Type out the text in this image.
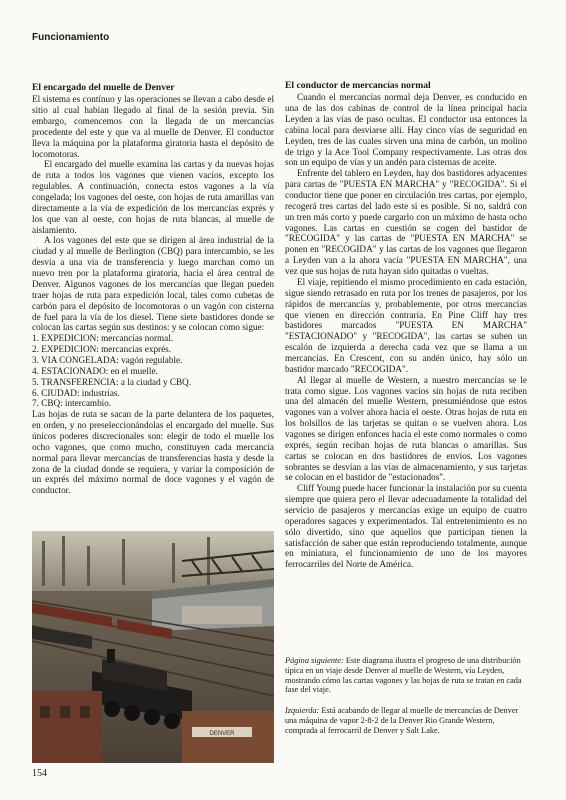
Funcionamiento
El encargado del muelle de Denver

El sistema es contínuo y las operaciones se llevan a cabo desde el sitio al cual habían llegado al final de la sesión previa. Sin embargo, comencemos con la llegada de un mercancías procedente del este y que va al muelle de Denver. El conductor lleva la máquina por la plataforma giratoria hasta el depósito de locomotoras.

El encargado del muelle examina las cartas y da nuevas hojas de ruta a todos los vagones que vienen vacíos, excepto los regulables. A continuación, conecta estos vagones a la vía congelada; los vagones del oeste, con hojas de ruta amarillas van directamente a la vía de expedición de los mercancías exprés y los que van al oeste, con hojas de ruta blancas, al muelle de aislamiento.

A los vagones del este que se dirigen al área industrial de la ciudad y al muelle de Berlington (CBQ) para intercambio, se les desvía a una vía de transferencia y luego marchan como un nuevo tren por la plataforma giratoria, hacia el área central de Denver. Algunos vagones de los mercancías que llegan pueden traer hojas de ruta para expedición local, tales como cubetas de carbón para el depósito de locomotoras o un vagón con cisterna de fuel para la vía de los diesel. Tiene siete bastidores donde se colocan las cartas según sus destinos: y se colocan como sigue:

1. EXPEDICION: mercancías normal.
2. EXPEDICION: mercancías exprés.
3. VIA CONGELADA: vagón regulable.
4. ESTACIONADO: en el muelle.
5. TRANSFERENCIA: a la ciudad y CBQ.
6. CIUDAD: industrias.
7. CBQ: intercambio.

Las hojas de ruta se sacan de la parte delantera de los paquetes, en orden, y no preseleccionándolas el encargado del muelle. Sus únicos poderes discrecionales son: elegir de todo el muelle los ocho vagones, que como mucho, constituyen cada mercancía normal para llevar mercancías de transferencias hasta y desde la zona de la ciudad donde se requiera, y variar la composición de un exprés del máximo normal de doce vagones y el vagón de conductor.

DENVER
El conductor de mercancías normal

Cuando el mercancías normal deja Denver, es conducido en una de las dos cabinas de control de la línea principal hacia Leyden a las vías de paso ocultas. El conductor usa entonces la cabina local para desviarse allí. Hay cinco vías de seguridad en Leyden, tres de las cuales sirven una mina de carbón, un molino de trigo y la Ace Tool Company respectivamente. Las otras dos son un equipo de vías y un andén para cisternas de aceite.

Enfrente del tablero en Leyden, hay dos bastidores adyacentes para cartas de "PUESTA EN MARCHA" y "RECOGIDA". Si el conductor tiene que poner en circulación tres cartas, por ejemplo, recogerá tres cartas del lado este si es posible. Si no, saldrá con un tren más corto y puede cargarlo con un máximo de hasta ocho vagones. Las cartas en cuestión se cogen del bastidor de "RECOGIDA" y las cartas de "PUESTA EN MARCHA" se ponen en "RECOGIDA" y las cartas de los vagones que llegaron a Leyden van a la ahora vacía "PUESTA EN MARCHA", una vez que sus hojas de ruta hayan sido quitadas o vueltas.

El viaje, repitiendo el mismo procedimiento en cada estación, sigue siendo retrasado en ruta por los trenes de pasajeros, por los rápidos de mercancías y, probablemente, por otros mercancías que vienen en dirección contraria. En Pine Cliff hay tres bastidores marcados "PUESTA EN MARCHA" "ESTACIONADO" y "RECOGIDA", las cartas se suben un escalón de izquierda a derecha cada vez que se llama a un mercancías. En Crescent, con su andén único, hay sólo un bastidor marcado "RECOGIDA".

Al llegar al muelle de Western, a nuestro mercancías se le trata como sigue. Los vagones vacíos sin hojas de ruta reciben una del almacén del muelle Western, presumiéndose que estos vagones van a volver ahora hacia el oeste. Otras hojas de ruta en los bolsillos de las tarjetas se quitan o se vuelven ahora. Los vagones se dirigen enfonces hacia el este como normales o como exprés, según reciban hojas de ruta blancas o amarillas. Sus cartas se colocan en dos bastidores de envíos. Los vagones sobrantes se desvían a las vías de almacenamiento, y sus tarjetas se colocan en el bastidor de "estacionados".

Cliff Young puede hacer funcionar la instalación por su cuenta siempre que quiera pero el llevar adecuadamente la totalidad del servicio de pasajeros y mercancías exige un equipo de cuatro operadores sagaces y experimentados. Tal entretenimiento es no sólo divertido, sino que aquellos que participan tienen la satisfacción de saber que están reproduciendo totalmente, aunque en miniatura, el funcionamiento de uno de los mayores ferrocarriles del Norte de América.

Página siguiente: Este diagrama ilustra el progreso de una distribución típica en un viaje desde Denver al muelle de Western, vía Leyden, mostrando cómo las cartas vagones y las hojas de ruta se tratan en cada fase del viaje.
Izquierda: Está acabando de llegar al muelle de mercancías de Denver una máquina de vapor 2-8-2 de la Denver Rio Grande Western, comprada al ferrocarril de Denver y Salt Lake.
154
